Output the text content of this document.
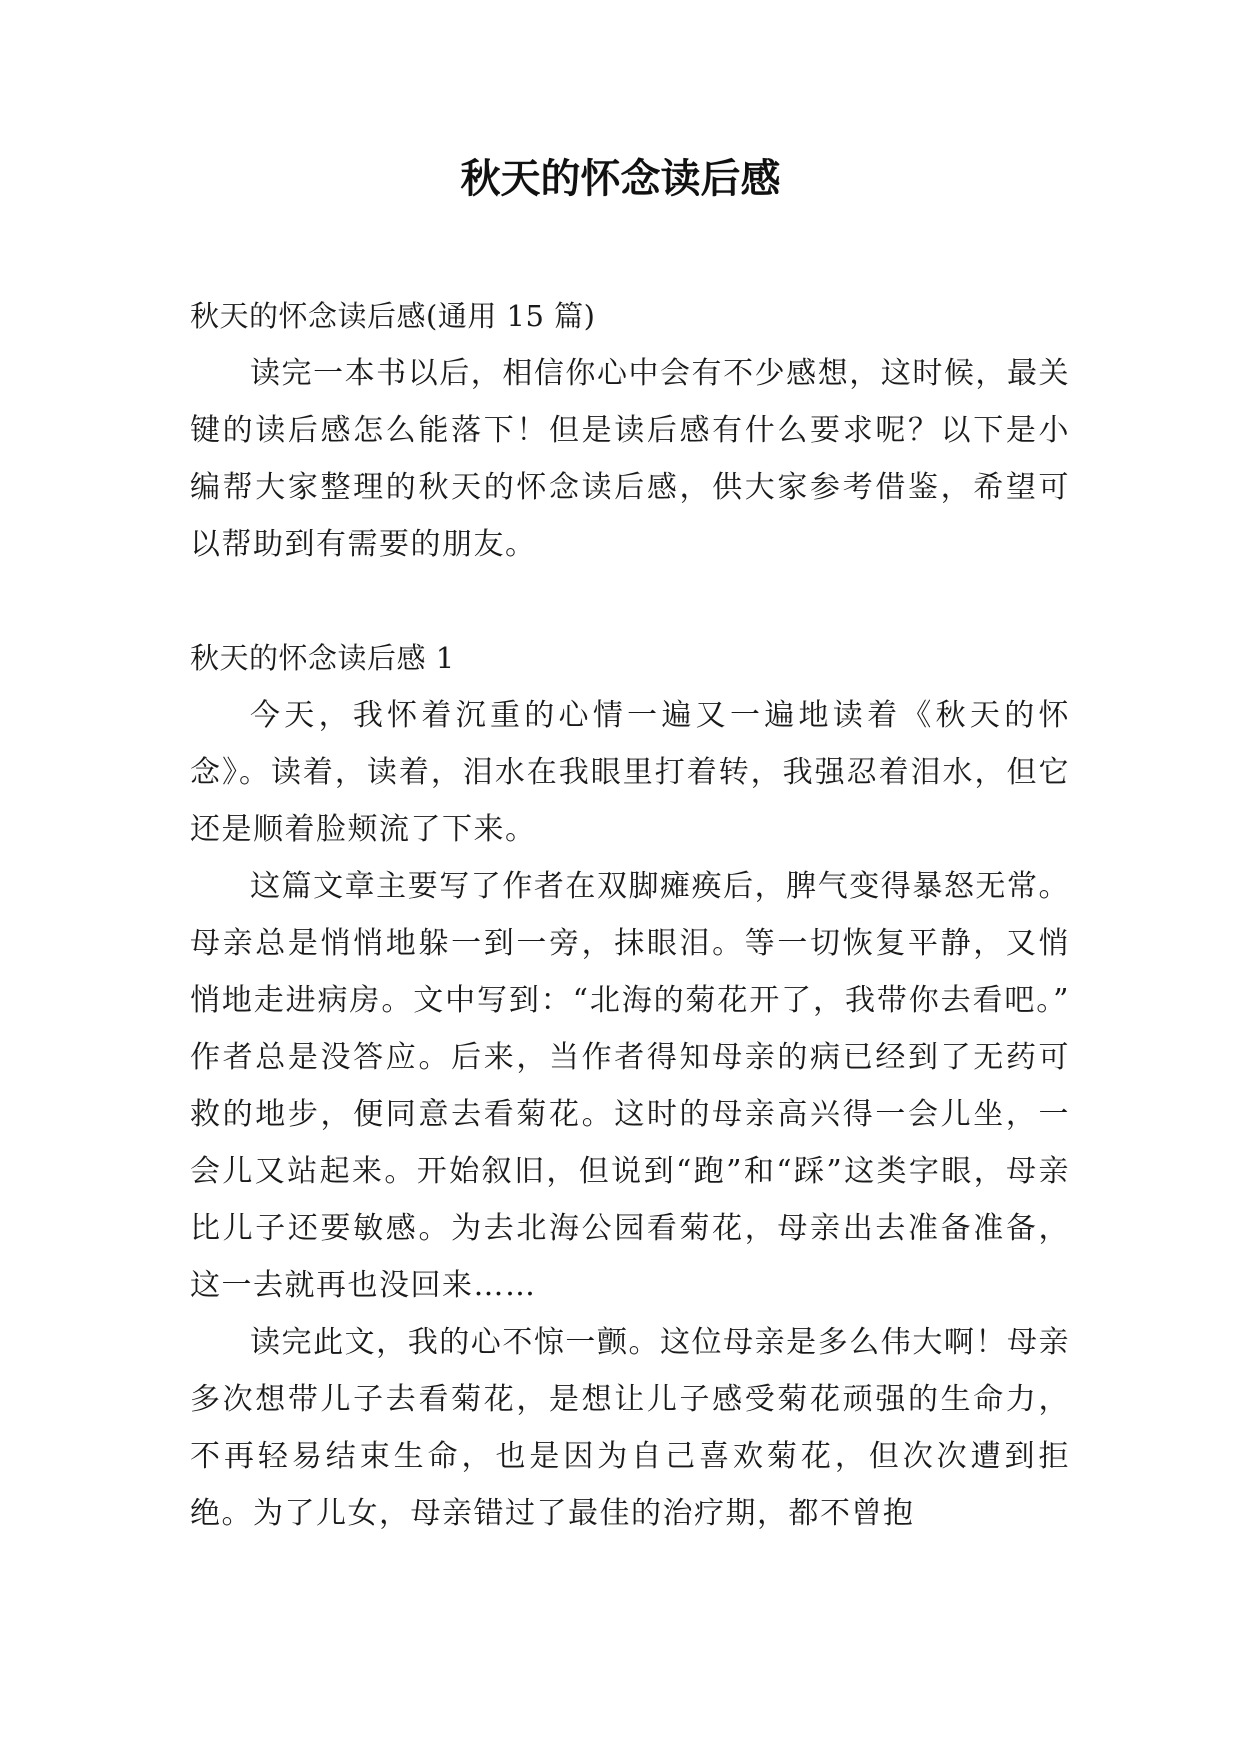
秋天的怀念读后感

秋天的怀念读后感(通用 15 篇)

读完一本书以后，相信你心中会有不少感想，这时候，最关键的读后感怎么能落下！但是读后感有什么要求呢？以下是小编帮大家整理的秋天的怀念读后感，供大家参考借鉴，希望可以帮助到有需要的朋友。

秋天的怀念读后感 1

今天，我怀着沉重的心情一遍又一遍地读着《秋天的怀念》。读着，读着，泪水在我眼里打着转，我强忍着泪水，但它还是顺着脸颊流了下来。

这篇文章主要写了作者在双脚瘫痪后，脾气变得暴怒无常。母亲总是悄悄地躲一到一旁，抹眼泪。等一切恢复平静，又悄悄地走进病房。文中写到：“北海的菊花开了，我带你去看吧。” 作者总是没答应。后来，当作者得知母亲的病已经到了无药可救的地步，便同意去看菊花。这时的母亲高兴得一会儿坐，一会儿又站起来。开始叙旧，但说到“跑”和“踩”这类字眼，母亲比儿子还要敏感。为去北海公园看菊花，母亲出去准备准备，这一去就再也没回来……

读完此文，我的心不惊一颤。这位母亲是多么伟大啊！母亲多次想带儿子去看菊花，是想让儿子感受菊花顽强的生命力，不再轻易结束生命，也是因为自己喜欢菊花，但次次遭到拒绝。为了儿女，母亲错过了最佳的治疗期，都不曾抱
